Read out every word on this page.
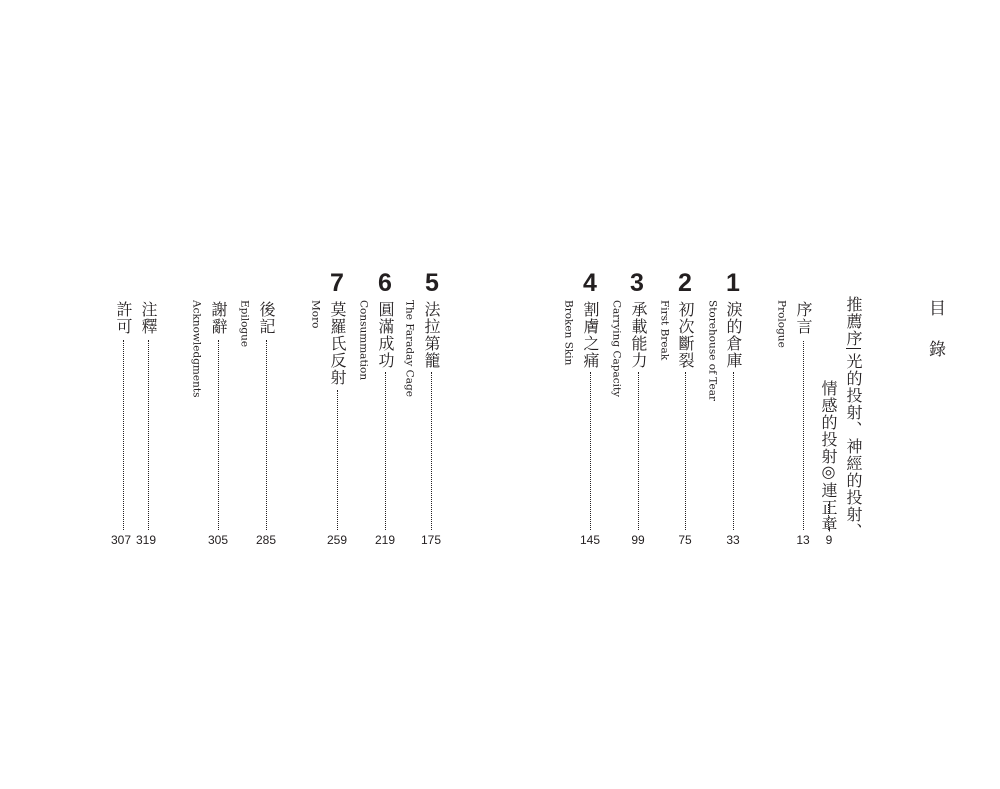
目
錄
推薦序
光的投射、神經的投射、
情感的投射
◎連正章
9
序言
Prologue
13
1
淚的倉庫
Storehouse of Tear
33
2
初次斷裂
First Break
75
3
承載能力
Carrying Capacity
99
4
割膚之痛
Broken Skin
145
5
法拉第籠
The Faraday Cage
175
6
圓滿成功
Consummation
219
7
莫羅氏反射
Moro
259
後記
Epilogue
285
謝辭
Acknowledgments
305
注釋
319
許可
307
